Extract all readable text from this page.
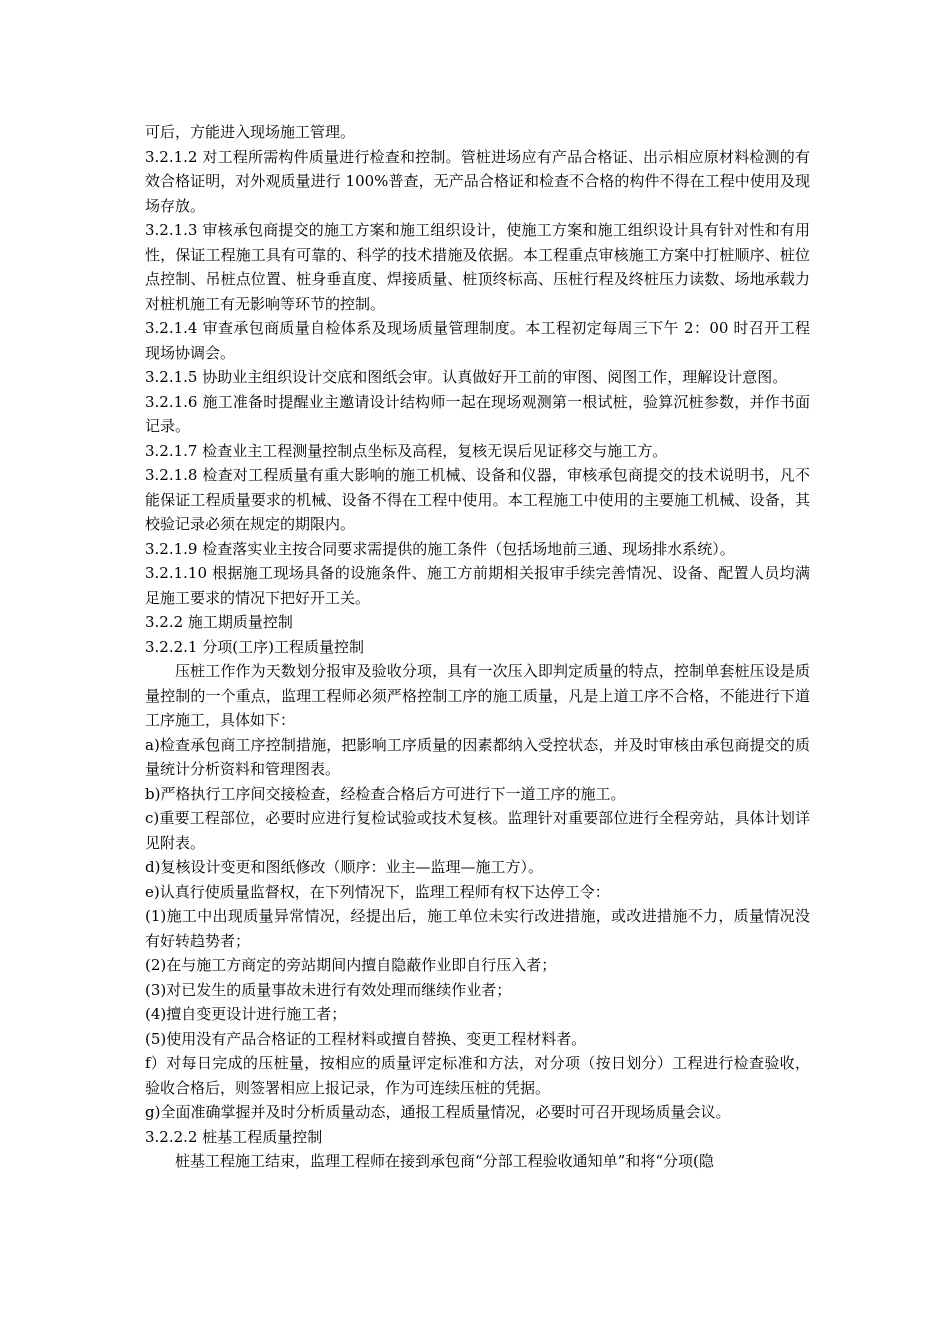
可后，方能进入现场施工管理。

3.2.1.2 对工程所需构件质量进行检查和控制。管桩进场应有产品合格证、出示相应原材料检测的有效合格证明，对外观质量进行 100%普查，无产品合格证和检查不合格的构件不得在工程中使用及现场存放。

3.2.1.3 审核承包商提交的施工方案和施工组织设计，使施工方案和施工组织设计具有针对性和有用性，保证工程施工具有可靠的、科学的技术措施及依据。本工程重点审核施工方案中打桩顺序、桩位点控制、吊桩点位置、桩身垂直度、焊接质量、桩顶终标高、压桩行程及终桩压力读数、场地承载力对桩机施工有无影响等环节的控制。

3.2.1.4 审查承包商质量自检体系及现场质量管理制度。本工程初定每周三下午 2：00 时召开工程现场协调会。

3.2.1.5 协助业主组织设计交底和图纸会审。认真做好开工前的审图、阅图工作，理解设计意图。

3.2.1.6 施工准备时提醒业主邀请设计结构师一起在现场观测第一根试桩，验算沉桩参数，并作书面记录。

3.2.1.7 检查业主工程测量控制点坐标及高程，复核无误后见证移交与施工方。

3.2.1.8 检查对工程质量有重大影响的施工机械、设备和仪器，审核承包商提交的技术说明书，凡不能保证工程质量要求的机械、设备不得在工程中使用。本工程施工中使用的主要施工机械、设备，其校验记录必须在规定的期限内。

3.2.1.9 检查落实业主按合同要求需提供的施工条件（包括场地前三通、现场排水系统）。

3.2.1.10 根据施工现场具备的设施条件、施工方前期相关报审手续完善情况、设备、配置人员均满足施工要求的情况下把好开工关。

3.2.2 施工期质量控制

3.2.2.1 分项(工序)工程质量控制

压桩工作作为天数划分报审及验收分项，具有一次压入即判定质量的特点，控制单套桩压设是质量控制的一个重点，监理工程师必须严格控制工序的施工质量，凡是上道工序不合格，不能进行下道工序施工，具体如下：

a)检查承包商工序控制措施，把影响工序质量的因素都纳入受控状态，并及时审核由承包商提交的质量统计分析资料和管理图表。

b)严格执行工序间交接检查，经检查合格后方可进行下一道工序的施工。

c)重要工程部位，必要时应进行复检试验或技术复核。监理针对重要部位进行全程旁站，具体计划详见附表。

d)复核设计变更和图纸修改（顺序：业主—监理—施工方）。

e)认真行使质量监督权，在下列情况下，监理工程师有权下达停工令：

(1)施工中出现质量异常情况，经提出后，施工单位未实行改进措施，或改进措施不力，质量情况没有好转趋势者；

(2)在与施工方商定的旁站期间内擅自隐蔽作业即自行压入者；

(3)对已发生的质量事故未进行有效处理而继续作业者；

(4)擅自变更设计进行施工者；

(5)使用没有产品合格证的工程材料或擅自替换、变更工程材料者。

f）对每日完成的压桩量，按相应的质量评定标准和方法，对分项（按日划分）工程进行检查验收，验收合格后，则签署相应上报记录，作为可连续压桩的凭据。

g)全面准确掌握并及时分析质量动态，通报工程质量情况，必要时可召开现场质量会议。

3.2.2.2 桩基工程质量控制

桩基工程施工结束，监理工程师在接到承包商“分部工程验收通知单”和将“分项(隐
